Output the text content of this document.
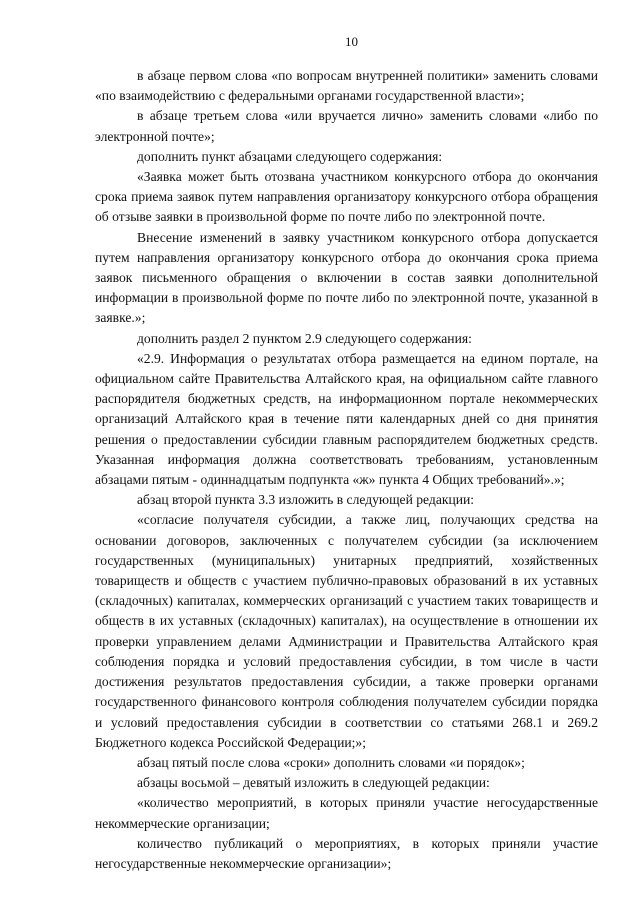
10

в абзаце первом слова «по вопросам внутренней политики» заменить словами «по взаимодействию с федеральными органами государственной власти»;

в абзаце третьем слова «или вручается лично» заменить словами «либо по электронной почте»;

дополнить пункт абзацами следующего содержания:

«Заявка может быть отозвана участником конкурсного отбора до окончания срока приема заявок путем направления организатору конкурсного отбора обращения об отзыве заявки в произвольной форме по почте либо по электронной почте.

Внесение изменений в заявку участником конкурсного отбора допускается путем направления организатору конкурсного отбора до окончания срока приема заявок письменного обращения о включении в состав заявки дополнительной информации в произвольной форме по почте либо по электронной почте, указанной в заявке.»;

дополнить раздел 2 пунктом 2.9 следующего содержания:

«2.9. Информация о результатах отбора размещается на едином портале, на официальном сайте Правительства Алтайского края, на официальном сайте главного распорядителя бюджетных средств, на информационном портале некоммерческих организаций Алтайского края в течение пяти календарных дней со дня принятия решения о предоставлении субсидии главным распорядителем бюджетных средств. Указанная информация должна соответствовать требованиям, установленным абзацами пятым - одиннадцатым подпункта «ж» пункта 4 Общих требований».»;

абзац второй пункта 3.3 изложить в следующей редакции:

«согласие получателя субсидии, а также лиц, получающих средства на основании договоров, заключенных с получателем субсидии (за исключением государственных (муниципальных) унитарных предприятий, хозяйственных товариществ и обществ с участием публично-правовых образований в их уставных (складочных) капиталах, коммерческих организаций с участием таких товариществ и обществ в их уставных (складочных) капиталах), на осуществление в отношении их проверки управлением делами Администрации и Правительства Алтайского края соблюдения порядка и условий предоставления субсидии, в том числе в части достижения результатов предоставления субсидии, а также проверки органами государственного финансового контроля соблюдения получателем субсидии порядка и условий предоставления субсидии в соответствии со статьями 268.1 и 269.2 Бюджетного кодекса Российской Федерации;»;

абзац пятый после слова «сроки» дополнить словами «и порядок»;

абзацы восьмой – девятый изложить в следующей редакции:

«количество мероприятий, в которых приняли участие негосударственные некоммерческие организации;

количество публикаций о мероприятиях, в которых приняли участие негосударственные некоммерческие организации»;
